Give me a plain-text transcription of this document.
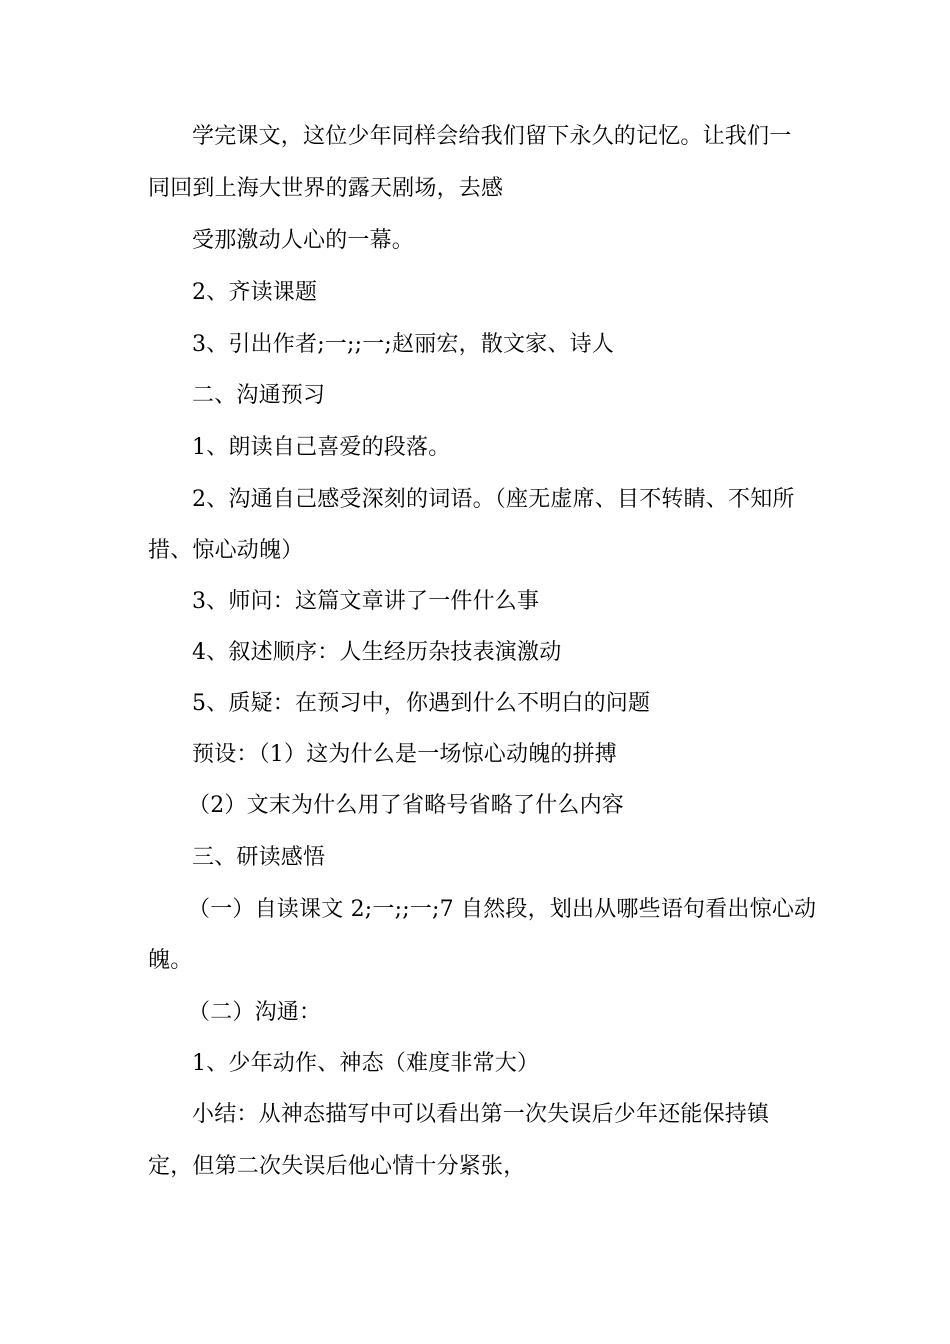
学完课文，这位少年同样会给我们留下永久的记忆。让我们一
同回到上海大世界的露天剧场，去感
受那激动人心的一幕。
2、齐读课题
3、引出作者;一;;一;赵丽宏，散文家、诗人
二、沟通预习
1、朗读自己喜爱的段落。
2、沟通自己感受深刻的词语。（座无虚席、目不转睛、不知所
措、惊心动魄）
3、师问：这篇文章讲了一件什么事
4、叙述顺序：人生经历杂技表演激动
5、质疑：在预习中，你遇到什么不明白的问题
预设：（1）这为什么是一场惊心动魄的拼搏
（2）文末为什么用了省略号省略了什么内容
三、研读感悟
（一）自读课文 2;一;;一;7 自然段，划出从哪些语句看出惊心动
魄。
（二）沟通：
1、少年动作、神态（难度非常大）
小结：从神态描写中可以看出第一次失误后少年还能保持镇
定，但第二次失误后他心情十分紧张，
